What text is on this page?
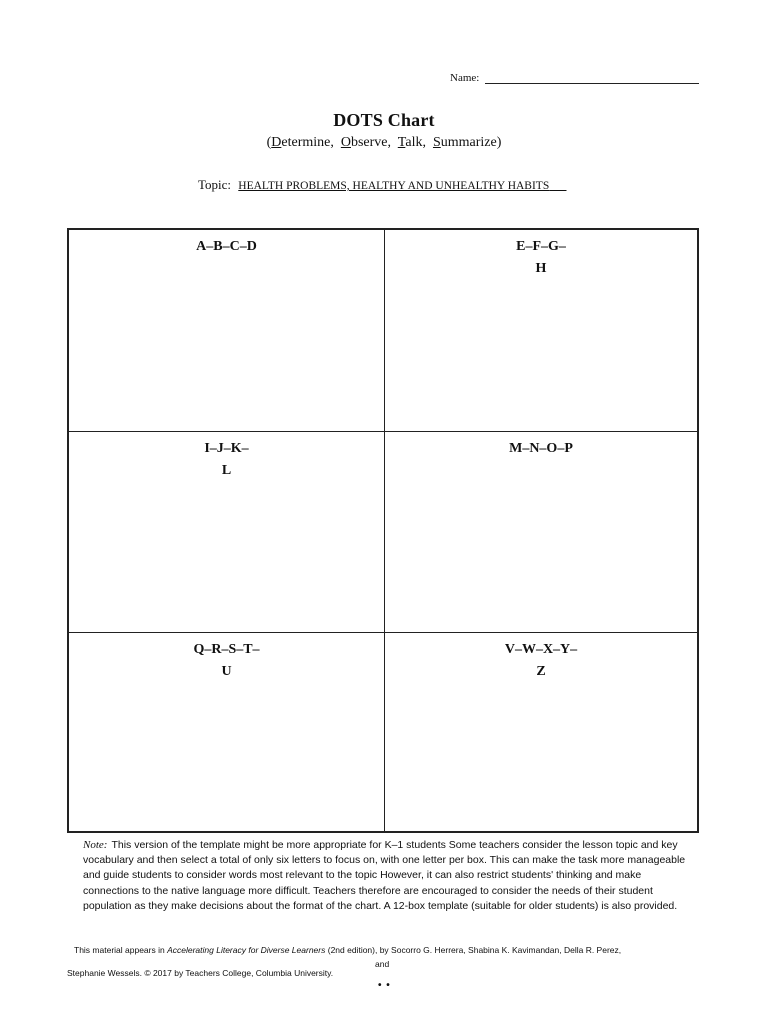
Name:
DOTS Chart
(Determine, Observe, Talk, Summarize)
Topic: HEALTH PROBLEMS, HEALTHY AND UNHEALTHY HABITS
A–B–C–D	E–F–G–
H
I–J–K–
L
M–N–O–P
Q–R–S–T–
U
V–W–X–Y–
Z
Note: This version of the template might be more appropriate for K–1 students Some teachers consider the lesson topic and key vocabulary and then select a total of only six letters to focus on, with one letter per box. This can make the task more manageable and guide students to consider words most relevant to the topic However, it can also restrict students' thinking and make connections to the native language more difficult. Teachers therefore are encouraged to consider the needs of their student population as they make decisions about the format of the chart. A 12-box template (suitable for older students) is also provided.
This material appears in Accelerating Literacy for Diverse Learners (2nd edition), by Socorro G. Herrera, Shabina K. Kavimandan, Della R. Perez,
and
Stephanie Wessels. © 2017 by Teachers College, Columbia University.
• •
